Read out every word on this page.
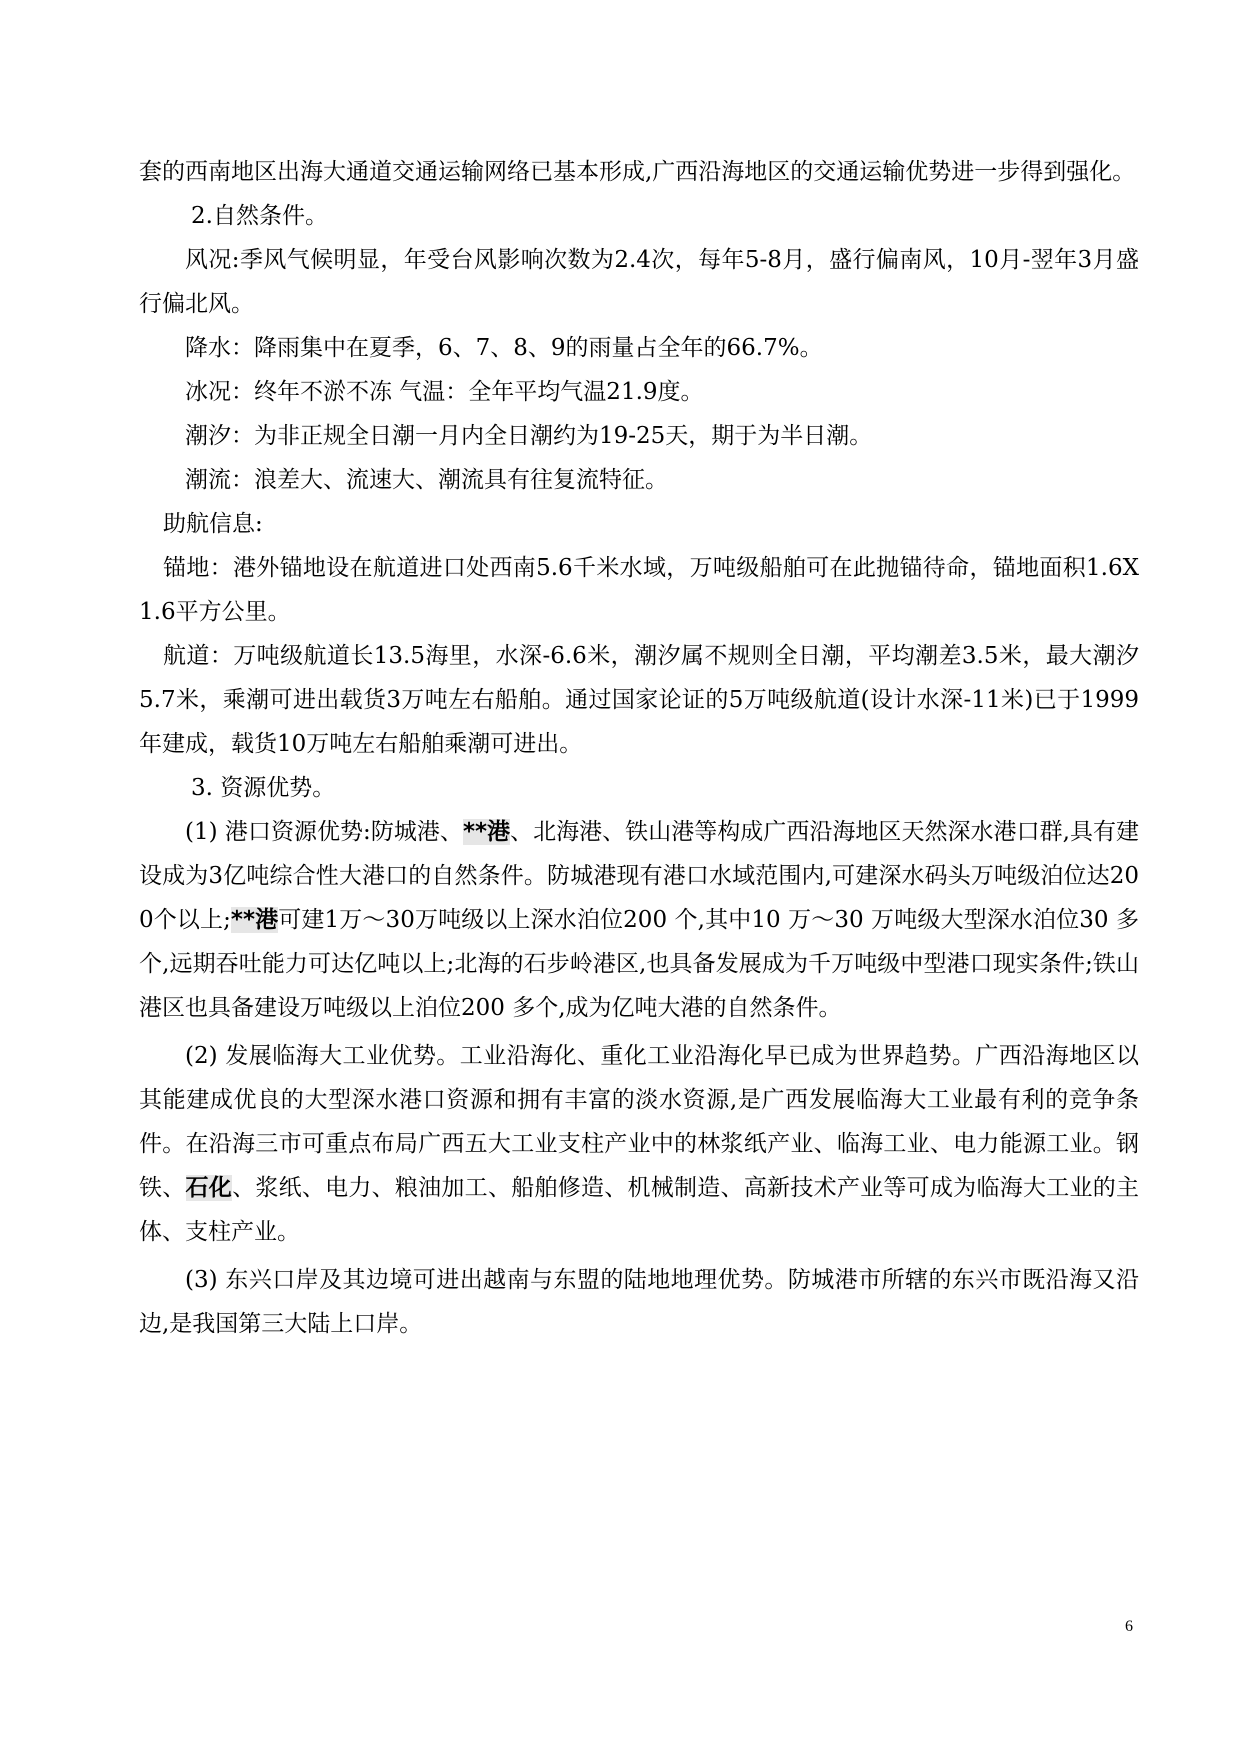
套的西南地区出海大通道交通运输网络已基本形成,广西沿海地区的交通运输优势进一步得到强化。

2.自然条件。

风况:季风气候明显，年受台风影响次数为2.4次，每年5-8月，盛行偏南风，10月-翌年3月盛行偏北风。

降水：降雨集中在夏季，6、7、8、9的雨量占全年的66.7%。

冰况：终年不淤不冻 气温：全年平均气温21.9度。

潮汐：为非正规全日潮一月内全日潮约为19-25天，期于为半日潮。

潮流：浪差大、流速大、潮流具有往复流特征。

助航信息:

锚地：港外锚地设在航道进口处西南5.6千米水域，万吨级船舶可在此抛锚待命，锚地面积1.6X1.6平方公里。

航道：万吨级航道长13.5海里，水深-6.6米，潮汐属不规则全日潮，平均潮差3.5米，最大潮汐5.7米，乘潮可进出载货3万吨左右船舶。通过国家论证的5万吨级航道(设计水深-11米)已于1999年建成，载货10万吨左右船舶乘潮可进出。

3. 资源优势。

(1) 港口资源优势:防城港、**港、北海港、铁山港等构成广西沿海地区天然深水港口群,具有建设成为3亿吨综合性大港口的自然条件。防城港现有港口水域范围内,可建深水码头万吨级泊位达200个以上;**港可建1万～30万吨级以上深水泊位200 个,其中10 万～30 万吨级大型深水泊位30 多个,远期吞吐能力可达亿吨以上;北海的石步岭港区,也具备发展成为千万吨级中型港口现实条件;铁山港区也具备建设万吨级以上泊位200 多个,成为亿吨大港的自然条件。

(2) 发展临海大工业优势。工业沿海化、重化工业沿海化早已成为世界趋势。广西沿海地区以其能建成优良的大型深水港口资源和拥有丰富的淡水资源,是广西发展临海大工业最有利的竞争条件。在沿海三市可重点布局广西五大工业支柱产业中的林浆纸产业、临海工业、电力能源工业。钢铁、石化、浆纸、电力、粮油加工、船舶修造、机械制造、高新技术产业等可成为临海大工业的主体、支柱产业。

(3) 东兴口岸及其边境可进出越南与东盟的陆地地理优势。防城港市所辖的东兴市既沿海又沿边,是我国第三大陆上口岸。

6
